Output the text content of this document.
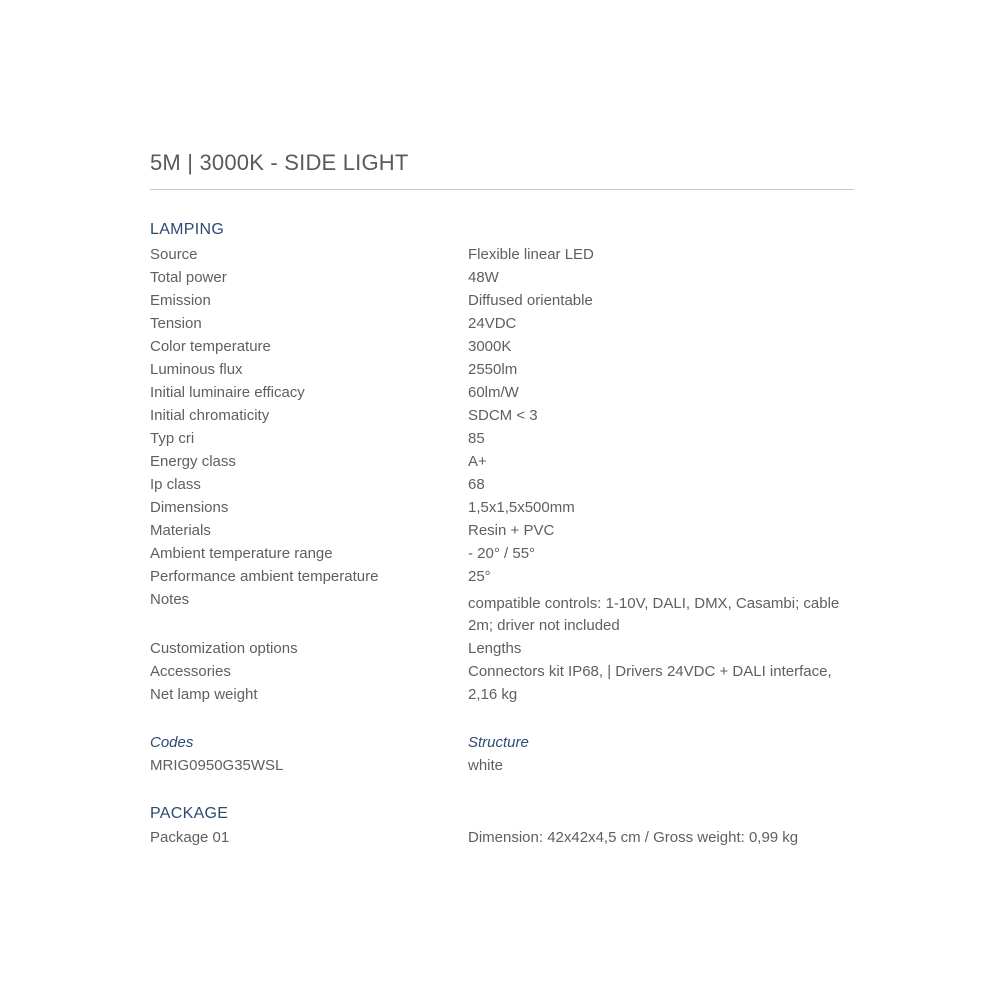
5M | 3000K - SIDE LIGHT
LAMPING
Source	Flexible linear LED
Total power	48W
Emission	Diffused orientable
Tension	24VDC
Color temperature	3000K
Luminous flux	2550lm
Initial luminaire efficacy	60lm/W
Initial chromaticity	SDCM < 3
Typ cri	85
Energy class	A+
Ip class	68
Dimensions	1,5x1,5x500mm
Materials	Resin + PVC
Ambient temperature range	- 20° / 55°
Performance ambient temperature	25°
Notes	compatible controls: 1-10V, DALI, DMX, Casambi; cable 2m; driver not included
Customization options	Lengths
Accessories	Connectors kit IP68, | Drivers 24VDC + DALI interface,
Net lamp weight	2,16 kg
Codes	Structure
MRIG0950G35WSL	white
PACKAGE
Package 01	Dimension: 42x42x4,5 cm / Gross weight: 0,99 kg
